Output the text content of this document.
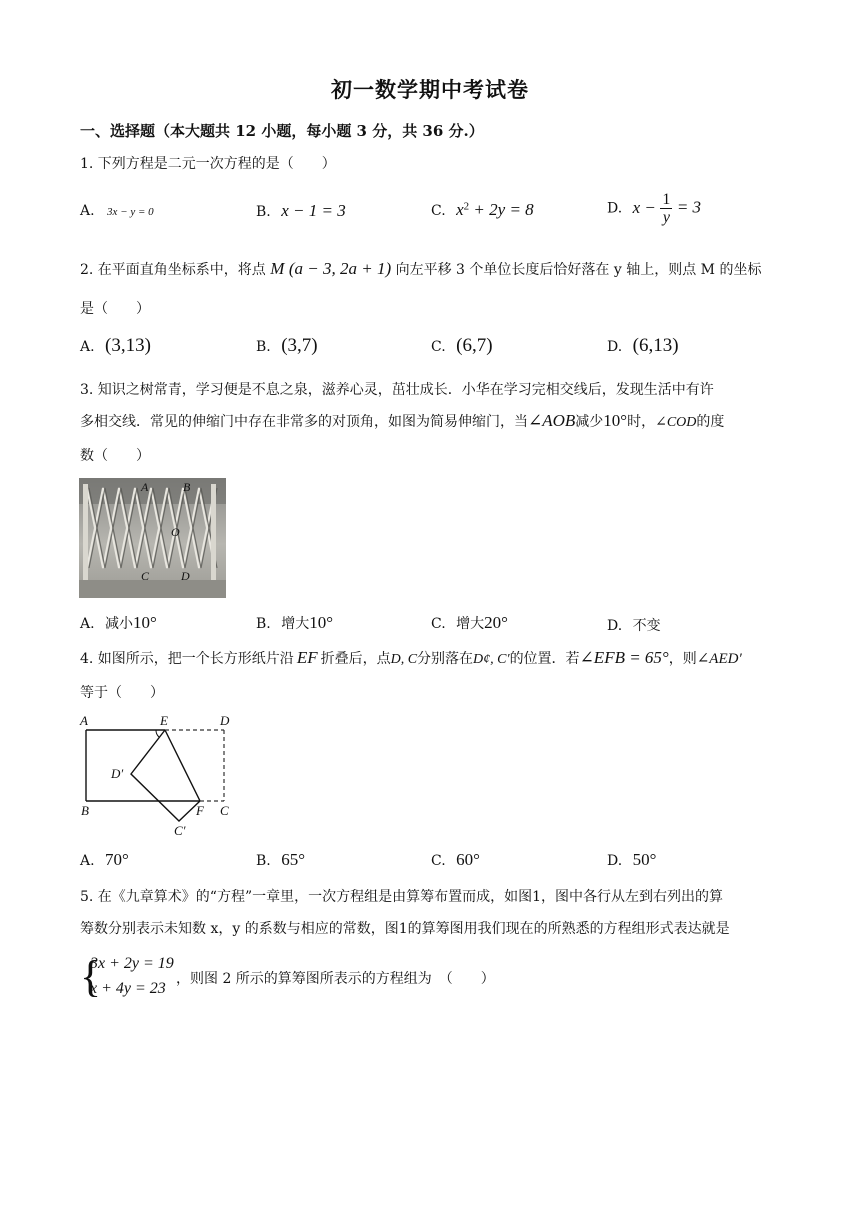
初一数学期中考试卷
一、选择题（本大题共 12 小题，每小题 3 分，共 36 分.）
1. 下列方程是二元一次方程的是（　　）
A. 3x − y = 0	B. x − 1 = 3	C. $x^2 + 2y = 8$	D. $x - \frac{1}{y} = 3$
2. 在平面直角坐标系中，将点 M (a − 3, 2a + 1) 向左平移 3 个单位长度后恰好落在 y 轴上，则点 M 的坐标
是（　　）
A. (3,13)	B. (3,7)	C. (6,7)	D. (6,13)
3. 知识之树常青，学习便是不息之泉，滋养心灵，茁壮成长．小华在学习完相交线后，发现生活中有许
多相交线．常见的伸缩门中存在非常多的对顶角，如图为简易伸缩门，当∠AOB减少10°时，∠COD的度
数（　　）
A	B
O
C	D
A. 减小10°	B. 增大10°	C. 增大20°	D. 不变
4. 如图所示，把一个长方形纸片沿 EF 折叠后，点D, C分别落在D¢, C′的位置．若∠EFB = 65°，则∠AED′
等于（　　）
A	E	D
D′
B	F C
C′
A. 70°	B. 65°	C. 60°	D. 50°
5. 在《九章算术》的“方程”一章里，一次方程组是由算筹布置而成，如图1，图中各行从左到右列出的算
筹数分别表示未知数 x，y 的系数与相应的常数，图1的算筹图用我们现在的所熟悉的方程组形式表达就是
{
3x + 2y = 19
x + 4y = 23
，则图 2 所示的算筹图所表示的方程组为　（　　）
